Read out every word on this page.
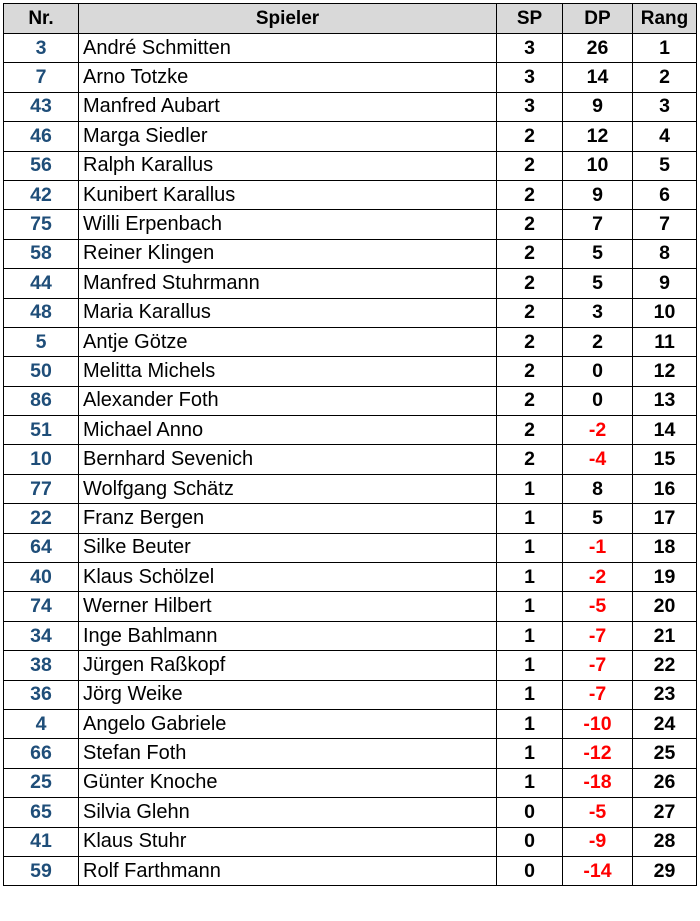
Nr.	Spieler	SP	DP	Rang
3	André Schmitten	3	26	1
7	Arno Totzke	3	14	2
43	Manfred Aubart	3	9	3
46	Marga Siedler	2	12	4
56	Ralph Karallus	2	10	5
42	Kunibert Karallus	2	9	6
75	Willi Erpenbach	2	7	7
58	Reiner Klingen	2	5	8
44	Manfred Stuhrmann	2	5	9
48	Maria Karallus	2	3	10
5	Antje Götze	2	2	11
50	Melitta Michels	2	0	12
86	Alexander Foth	2	0	13
51	Michael Anno	2	-2	14
10	Bernhard Sevenich	2	-4	15
77	Wolfgang Schätz	1	8	16
22	Franz Bergen	1	5	17
64	Silke Beuter	1	-1	18
40	Klaus Schölzel	1	-2	19
74	Werner Hilbert	1	-5	20
34	Inge Bahlmann	1	-7	21
38	Jürgen Raßkopf	1	-7	22
36	Jörg Weike	1	-7	23
4	Angelo Gabriele	1	-10	24
66	Stefan Foth	1	-12	25
25	Günter Knoche	1	-18	26
65	Silvia Glehn	0	-5	27
41	Klaus Stuhr	0	-9	28
59	Rolf Farthmann	0	-14	29
